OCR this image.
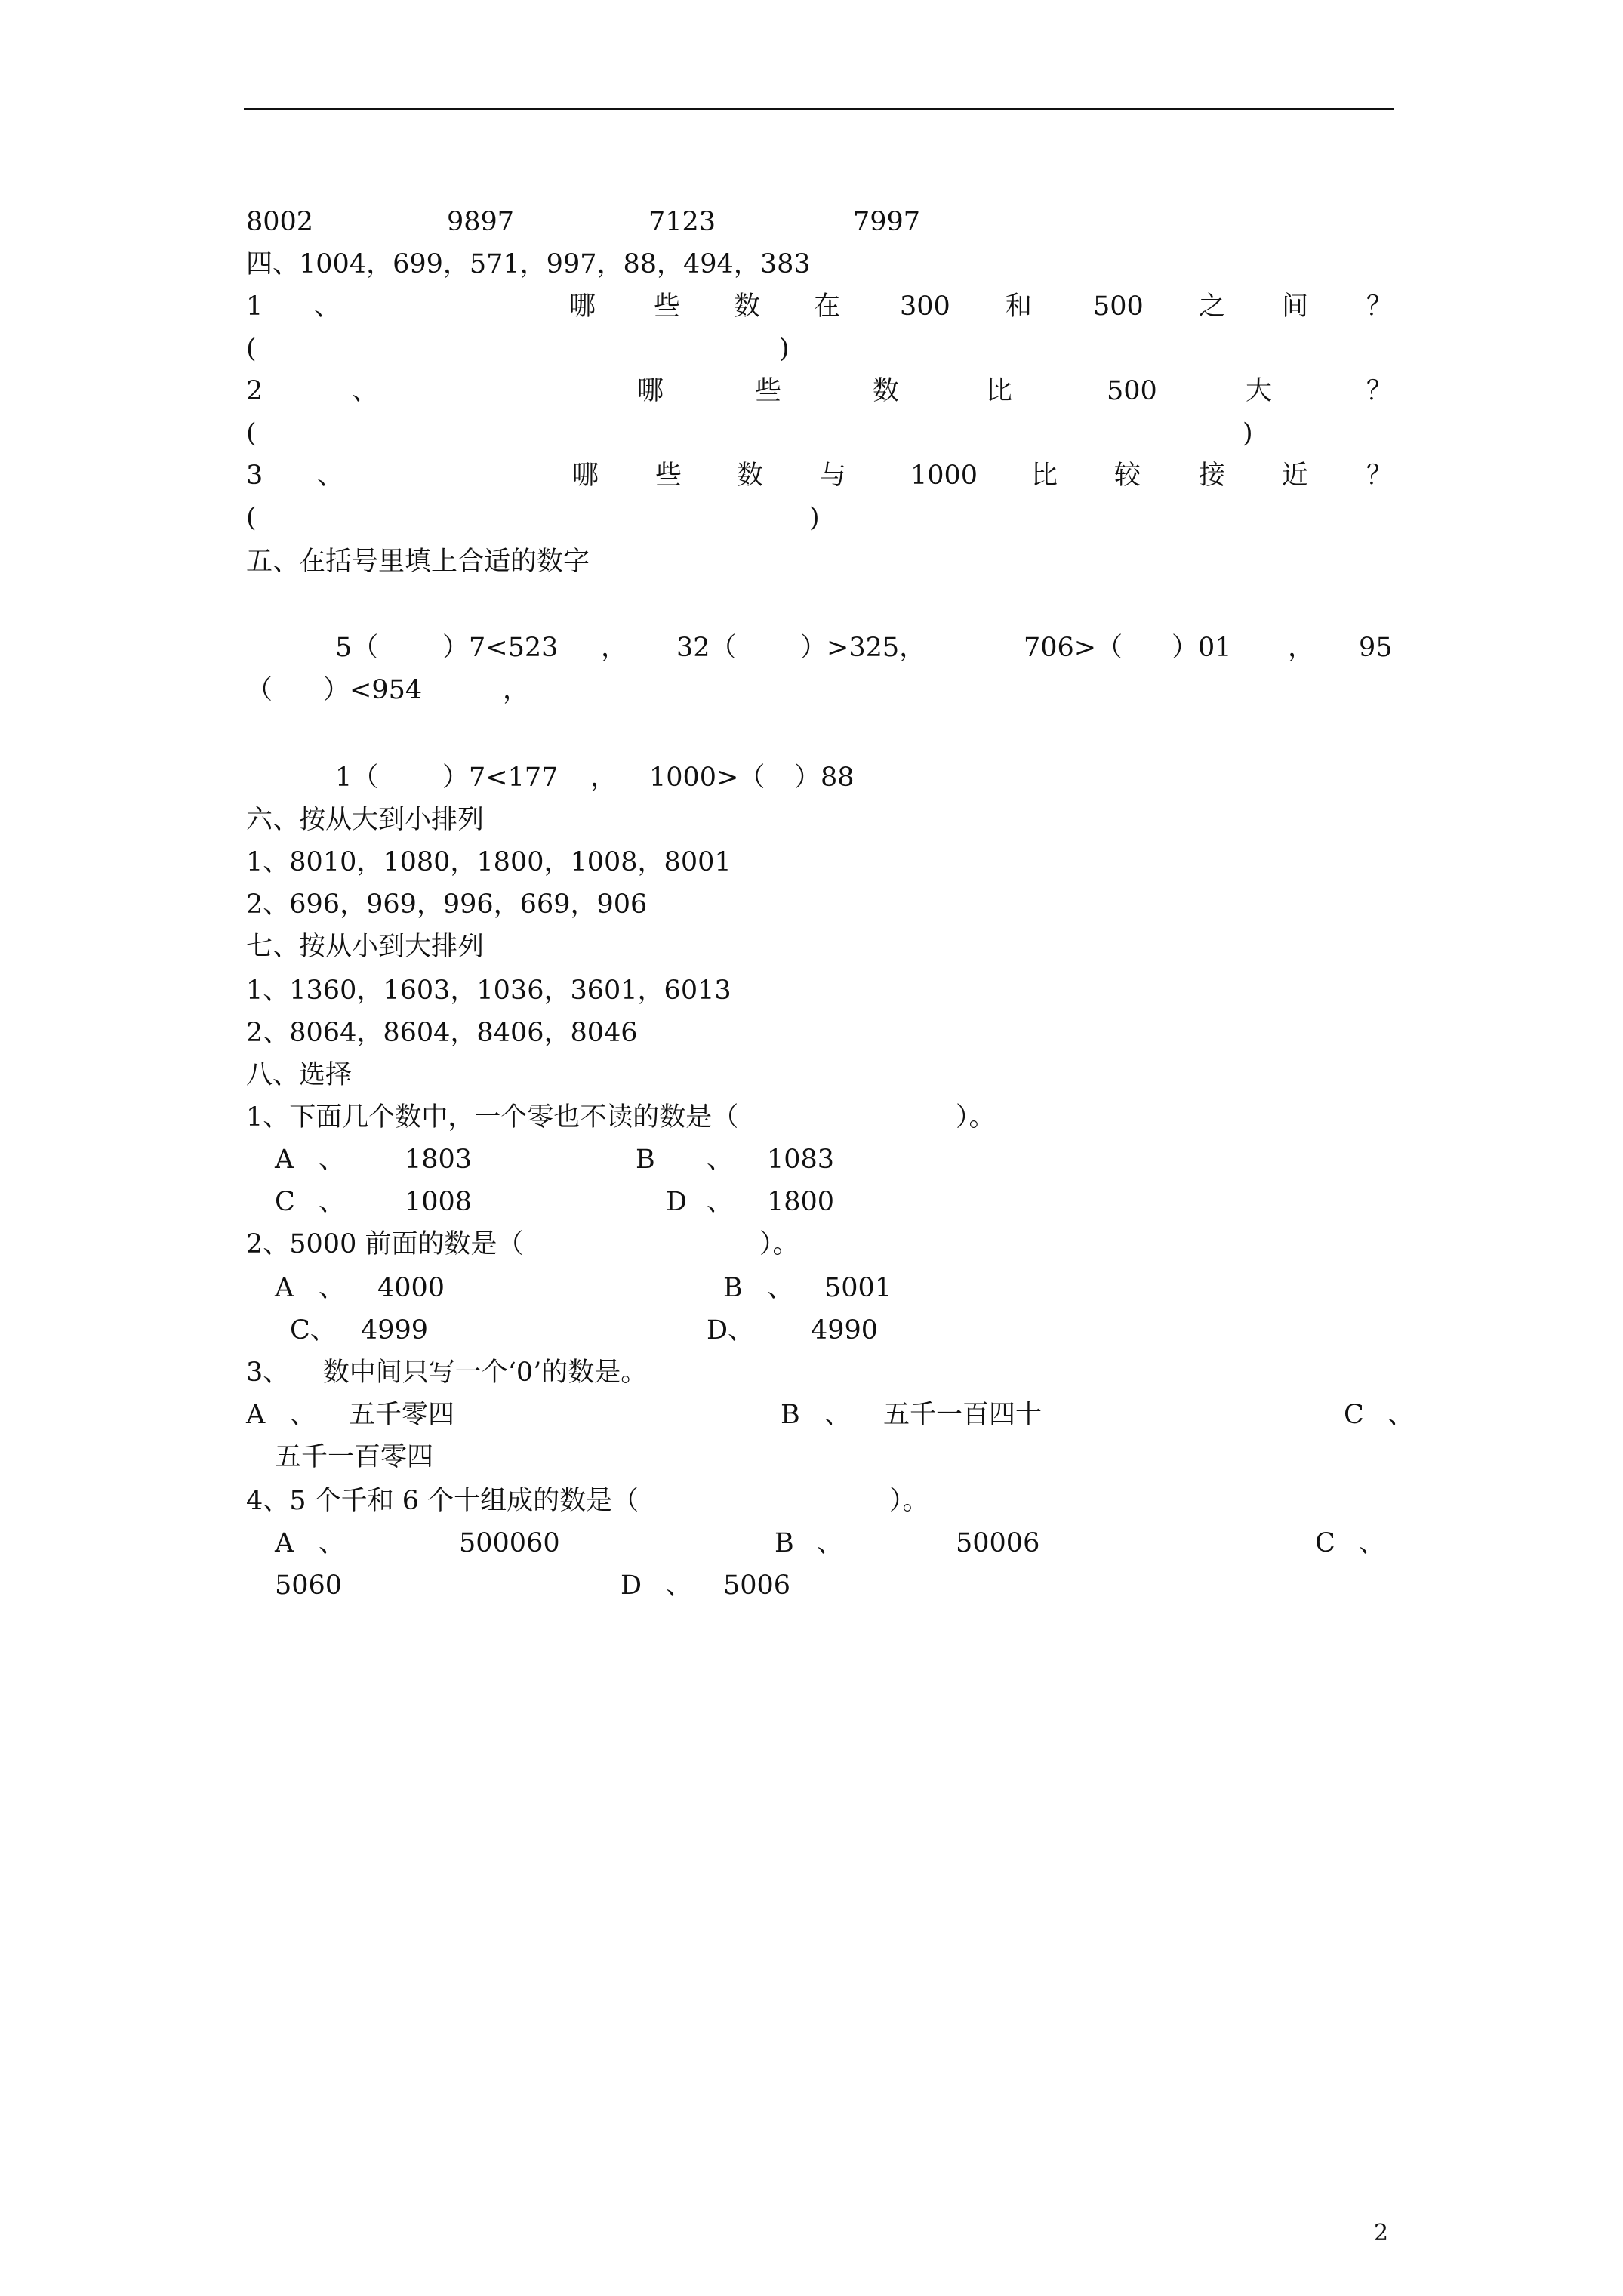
8002	9897	7123	7997
四、1004，699，571，997，88，494，383
1 、	哪 些 数 在 300 和 500 之 间 ？
(	)
2	、	哪	些	数	比	500	大	？
(	)
3 、	哪 些 数 与 1000 比 较 接 近 ？
(	)
五、在括号里填上合适的数字
5（ ）7<523 ， 32（ ）>325，	706>（ ）01 ， 95
（ ）<954	，
1（ ）7<177 ， 1000>（ ）88
六、按从大到小排列
1、8010，1080，1800，1008，8001
2、696，969，996，669，906
七、按从小到大排列
1、1360，1603，1036，3601，6013
2、8064，8604，8406，8046
八、选择
1、下面几个数中，一个零也不读的数是（	）。
A 、 1803	B 、 1083
C 、 1008	D 、 1800
2、5000 前面的数是（	）。
A 、 4000	B 、 5001
C、 4999	D、 4990
3、    数中间只写一个‘0’的数是。
A 、 五千零四	B 、 五千一百四十	C 、
五千一百零四
4、5 个千和 6 个十组成的数是（	）。
A 、	500060	B 、	50006	C 、
5060	D 、 5006
2
